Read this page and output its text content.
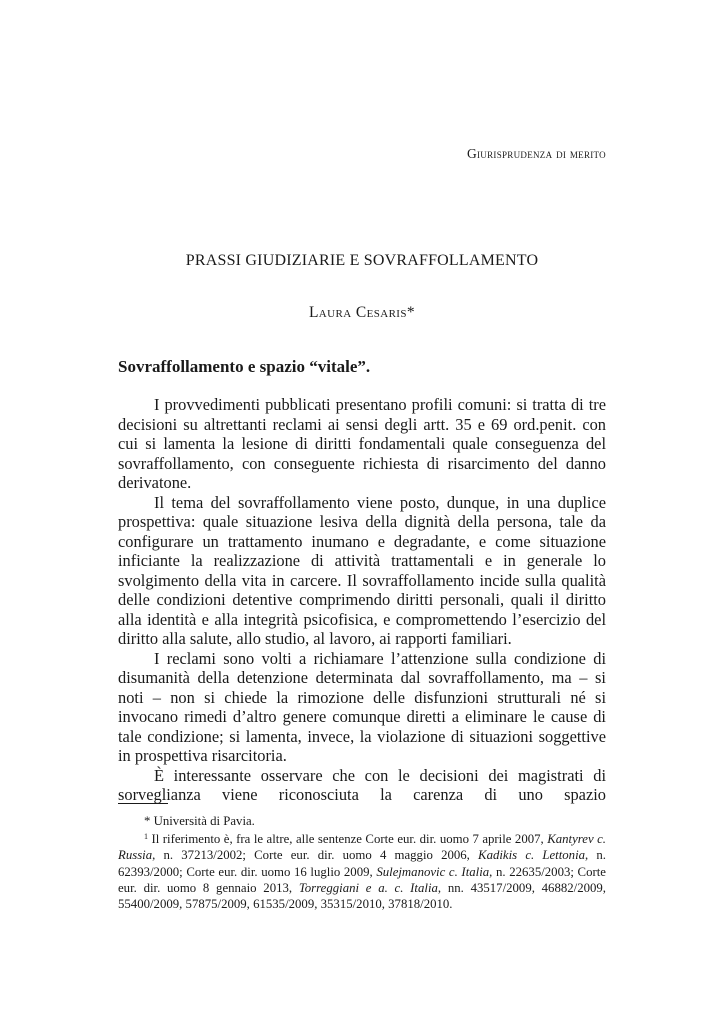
Giurisprudenza di merito
PRASSI GIUDIZIARIE E SOVRAFFOLLAMENTO
Laura Cesaris*
Sovraffollamento e spazio “vitale”.

I provvedimenti pubblicati presentano profili comuni: si tratta di tre decisioni su altrettanti reclami ai sensi degli artt. 35 e 69 ord.penit. con cui si lamenta la lesione di diritti fondamentali quale conseguenza del sovraffollamento, con conseguente richiesta di risarcimento del danno derivatone.

Il tema del sovraffollamento viene posto, dunque, in una duplice prospettiva: quale situazione lesiva della dignità della persona, tale da configurare un trattamento inumano e degradante, e come situazione inficiante la realizzazione di attività trattamentali e in generale lo svolgimento della vita in carcere. Il sovraffollamento incide sulla qualità delle condizioni detentive comprimendo diritti personali, quali il diritto alla identità e alla integrità psicofisica, e compromettendo l’esercizio del diritto alla salute, allo studio, al lavoro, ai rapporti familiari.

I reclami sono volti a richiamare l’attenzione sulla condizione di disumanità della detenzione determinata dal sovraffollamento, ma – si noti – non si chiede la rimozione delle disfunzioni strutturali né si invocano rimedi d’altro genere comunque diretti a eliminare le cause di tale condizione; si lamenta, invece, la violazione di situazioni soggettive in prospettiva risarcitoria.

È interessante osservare che con le decisioni dei magistrati di sorveglianza viene riconosciuta la carenza di uno spazio

* Università di Pavia.

$^1$ Il riferimento è, fra le altre, alle sentenze Corte eur. dir. uomo 7 aprile 2007, Kantyrev c. Russia, n. 37213/2002; Corte eur. dir. uomo 4 maggio 2006, Kadikis c. Lettonia, n. 62393/2000; Corte eur. dir. uomo 16 luglio 2009, Sulejmanovic c. Italia, n. 22635/2003; Corte eur. dir. uomo 8 gennaio 2013, Torreggiani e a. c. Italia, nn. 43517/2009, 46882/2009, 55400/2009, 57875/2009, 61535/2009, 35315/2010, 37818/2010.
